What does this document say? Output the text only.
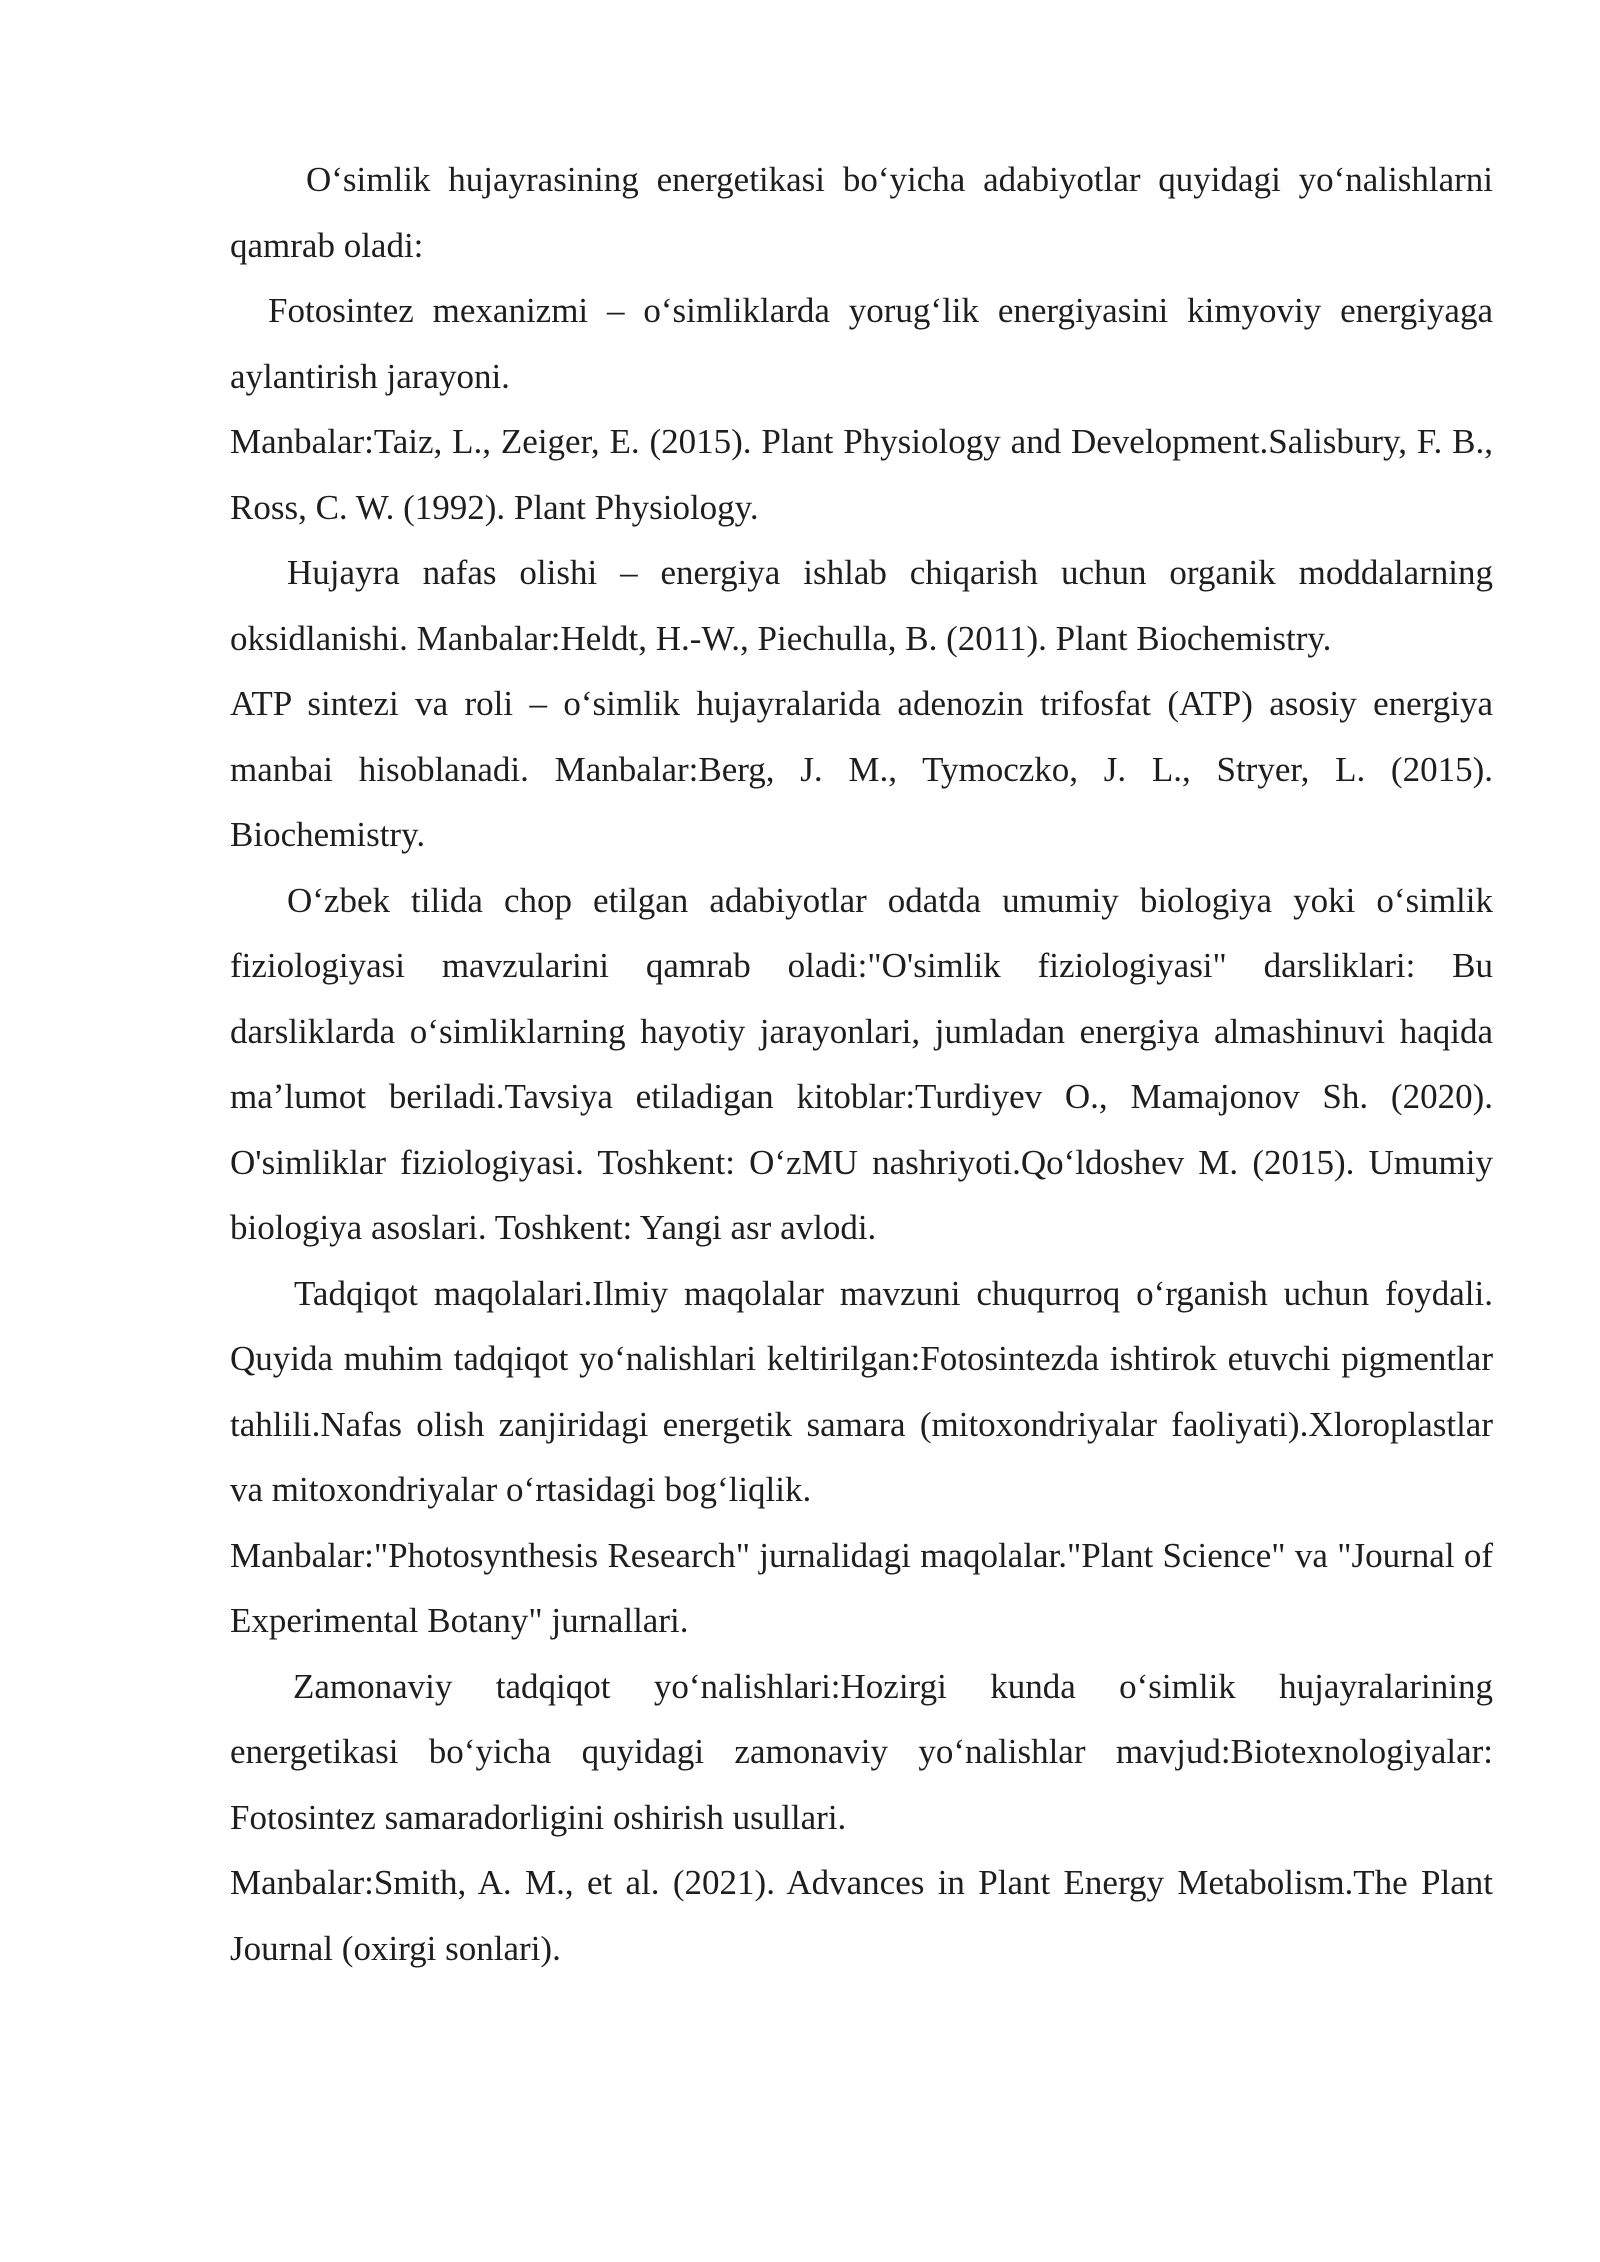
Oʻsimlik hujayrasining energetikasi boʻyicha adabiyotlar quyidagi yoʻnalishlarni qamrab oladi:

Fotosintez mexanizmi – oʻsimliklarda yorugʻlik energiyasini kimyoviy energiyaga aylantirish jarayoni.

Manbalar:Taiz, L., Zeiger, E. (2015). Plant Physiology and Development.Salisbury, F. B., Ross, C. W. (1992). Plant Physiology.

Hujayra nafas olishi – energiya ishlab chiqarish uchun organik moddalarning oksidlanishi. Manbalar:Heldt, H.-W., Piechulla, B. (2011). Plant Biochemistry.

ATP sintezi va roli – oʻsimlik hujayralarida adenozin trifosfat (ATP) asosiy energiya manbai hisoblanadi. Manbalar:Berg, J. M., Tymoczko, J. L., Stryer, L. (2015). Biochemistry.

Oʻzbek tilida chop etilgan adabiyotlar odatda umumiy biologiya yoki oʻsimlik fiziologiyasi mavzularini qamrab oladi:"O'simlik fiziologiyasi" darsliklari: Bu darsliklarda oʻsimliklarning hayotiy jarayonlari, jumladan energiya almashinuvi haqida maʼlumot beriladi.Tavsiya etiladigan kitoblar:Turdiyev O., Mamajonov Sh. (2020). O'simliklar fiziologiyasi. Toshkent: OʻzMU nashriyoti.Qoʻldoshev M. (2015). Umumiy biologiya asoslari. Toshkent: Yangi asr avlodi.

Tadqiqot maqolalari.Ilmiy maqolalar mavzuni chuqurroq oʻrganish uchun foydali. Quyida muhim tadqiqot yoʻnalishlari keltirilgan:Fotosintezda ishtirok etuvchi pigmentlar tahlili.Nafas olish zanjiridagi energetik samara (mitoxondriyalar faoliyati).Xloroplastlar va mitoxondriyalar oʻrtasidagi bogʻliqlik.

Manbalar:"Photosynthesis Research" jurnalidagi maqolalar."Plant Science" va "Journal of Experimental Botany" jurnallari.

Zamonaviy tadqiqot yoʻnalishlari:Hozirgi kunda oʻsimlik hujayralarining energetikasi boʻyicha quyidagi zamonaviy yoʻnalishlar mavjud:Biotexnologiyalar: Fotosintez samaradorligini oshirish usullari.

Manbalar:Smith, A. M., et al. (2021). Advances in Plant Energy Metabolism.The Plant Journal (oxirgi sonlari).
